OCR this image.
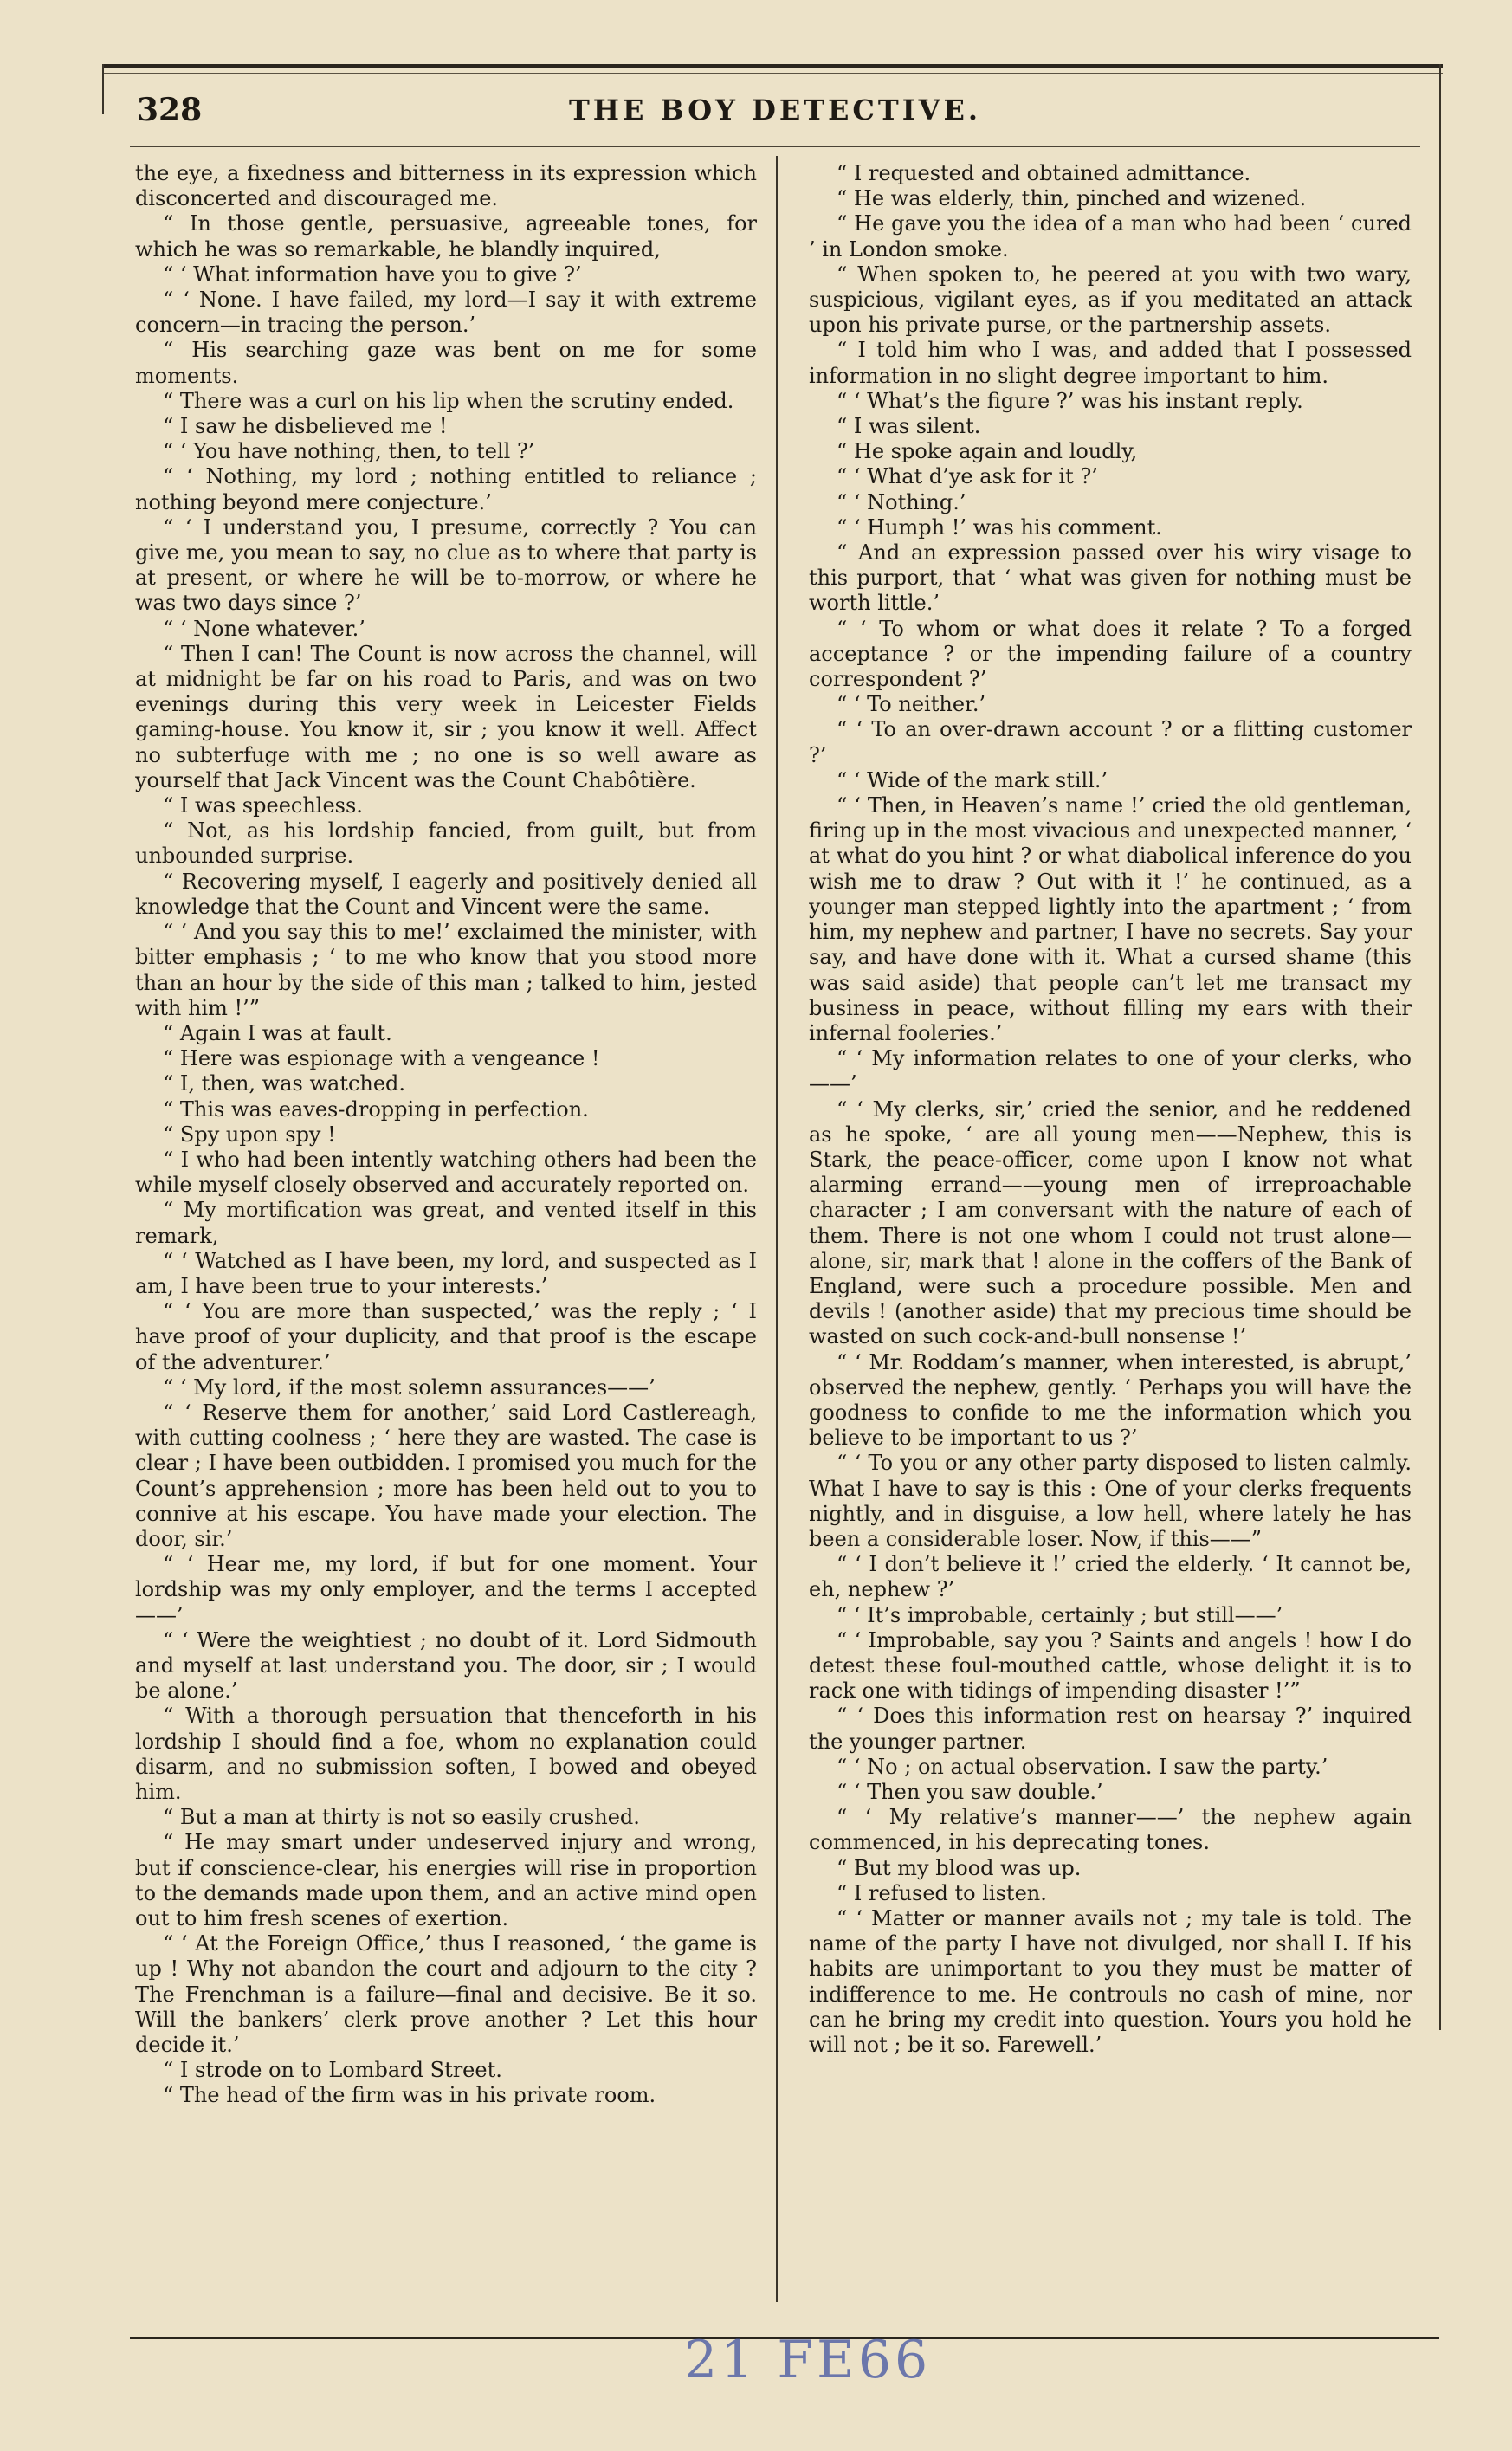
328	THE BOY DETECTIVE.

the eye, a fixedness and bitterness in its expression which disconcerted and discouraged me.

“ In those gentle, persuasive, agreeable tones, for which he was so remarkable, he blandly inquired,

“ ‘ What information have you to give ?’

“ ‘ None. I have failed, my lord—I say it with extreme concern—in tracing the person.’

“ His searching gaze was bent on me for some moments.

“ There was a curl on his lip when the scrutiny ended.

“ I saw he disbelieved me !

“ ‘ You have nothing, then, to tell ?’

“ ‘ Nothing, my lord ; nothing entitled to reliance ; nothing beyond mere conjecture.’

“ ‘ I understand you, I presume, correctly ? You can give me, you mean to say, no clue as to where that party is at present, or where he will be to-morrow, or where he was two days since ?’

“ ‘ None whatever.’

“ Then I can! The Count is now across the channel, will at midnight be far on his road to Paris, and was on two evenings during this very week in Leicester Fields gaming-house. You know it, sir ; you know it well. Affect no subterfuge with me ; no one is so well aware as yourself that Jack Vincent was the Count Chabôtière.

“ I was speechless.

“ Not, as his lordship fancied, from guilt, but from unbounded surprise.

“ Recovering myself, I eagerly and positively denied all knowledge that the Count and Vincent were the same.

“ ‘ And you say this to me!’ exclaimed the minister, with bitter emphasis ; ‘ to me who know that you stood more than an hour by the side of this man ; talked to him, jested with him !’”

“ Again I was at fault.

“ Here was espionage with a vengeance !

“ I, then, was watched.

“ This was eaves-dropping in perfection.

“ Spy upon spy !

“ I who had been intently watching others had been the while myself closely observed and accurately reported on.

“ My mortification was great, and vented itself in this remark,

“ ‘ Watched as I have been, my lord, and suspected as I am, I have been true to your interests.’

“ ‘ You are more than suspected,’ was the reply ; ‘ I have proof of your duplicity, and that proof is the escape of the adventurer.’

“ ‘ My lord, if the most solemn assurances——’

“ ‘ Reserve them for another,’ said Lord Castlereagh, with cutting coolness ; ‘ here they are wasted. The case is clear ; I have been outbidden. I promised you much for the Count’s apprehension ; more has been held out to you to connive at his escape. You have made your election. The door, sir.’

“ ‘ Hear me, my lord, if but for one moment. Your lordship was my only employer, and the terms I accepted——’

“ ‘ Were the weightiest ; no doubt of it. Lord Sidmouth and myself at last understand you. The door, sir ; I would be alone.’

“ With a thorough persuation that thenceforth in his lordship I should find a foe, whom no explanation could disarm, and no submission soften, I bowed and obeyed him.

“ But a man at thirty is not so easily crushed.

“ He may smart under undeserved injury and wrong, but if conscience-clear, his energies will rise in proportion to the demands made upon them, and an active mind open out to him fresh scenes of exertion.

“ ‘ At the Foreign Office,’ thus I reasoned, ‘ the game is up ! Why not abandon the court and adjourn to the city ? The Frenchman is a failure—final and decisive. Be it so. Will the bankers’ clerk prove another ? Let this hour decide it.’

“ I strode on to Lombard Street.

“ The head of the firm was in his private room.

“ I requested and obtained admittance.

“ He was elderly, thin, pinched and wizened.

“ He gave you the idea of a man who had been ‘ cured ’ in London smoke.

“ When spoken to, he peered at you with two wary, suspicious, vigilant eyes, as if you meditated an attack upon his private purse, or the partnership assets.

“ I told him who I was, and added that I possessed information in no slight degree important to him.

“ ‘ What’s the figure ?’ was his instant reply.

“ I was silent.

“ He spoke again and loudly,

“ ‘ What d’ye ask for it ?’

“ ‘ Nothing.’

“ ‘ Humph !’ was his comment.

“ And an expression passed over his wiry visage to this purport, that ‘ what was given for nothing must be worth little.’

“ ‘ To whom or what does it relate ? To a forged acceptance ? or the impending failure of a country correspondent ?’

“ ‘ To neither.’

“ ‘ To an over-drawn account ? or a flitting customer ?’

“ ‘ Wide of the mark still.’

“ ‘ Then, in Heaven’s name !’ cried the old gentleman, firing up in the most vivacious and unexpected manner, ‘ at what do you hint ? or what diabolical inference do you wish me to draw ? Out with it !’ he continued, as a younger man stepped lightly into the apartment ; ‘ from him, my nephew and partner, I have no secrets. Say your say, and have done with it. What a cursed shame (this was said aside) that people can’t let me transact my business in peace, without filling my ears with their infernal fooleries.’

“ ‘ My information relates to one of your clerks, who——’

“ ‘ My clerks, sir,’ cried the senior, and he reddened as he spoke, ‘ are all young men——Nephew, this is Stark, the peace-officer, come upon I know not what alarming errand——young men of irreproachable character ; I am conversant with the nature of each of them. There is not one whom I could not trust alone—alone, sir, mark that ! alone in the coffers of the Bank of England, were such a procedure possible. Men and devils ! (another aside) that my precious time should be wasted on such cock-and-bull nonsense !’

“ ‘ Mr. Roddam’s manner, when interested, is abrupt,’ observed the nephew, gently. ‘ Perhaps you will have the goodness to confide to me the information which you believe to be important to us ?’

“ ‘ To you or any other party disposed to listen calmly. What I have to say is this : One of your clerks frequents nightly, and in disguise, a low hell, where lately he has been a considerable loser. Now, if this——”

“ ‘ I don’t believe it !’ cried the elderly. ‘ It cannot be, eh, nephew ?’

“ ‘ It’s improbable, certainly ; but still——’

“ ‘ Improbable, say you ? Saints and angels ! how I do detest these foul-mouthed cattle, whose delight it is to rack one with tidings of impending disaster !’”

“ ‘ Does this information rest on hearsay ?’ inquired the younger partner.

“ ‘ No ; on actual observation. I saw the party.’

“ ‘ Then you saw double.’

“ ‘ My relative’s manner——’ the nephew again commenced, in his deprecating tones.

“ But my blood was up.

“ I refused to listen.

“ ‘ Matter or manner avails not ; my tale is told. The name of the party I have not divulged, nor shall I. If his habits are unimportant to you they must be matter of indifference to me. He controuls no cash of mine, nor can he bring my credit into question. Yours you hold he will not ; be it so. Farewell.’

21 FE66
